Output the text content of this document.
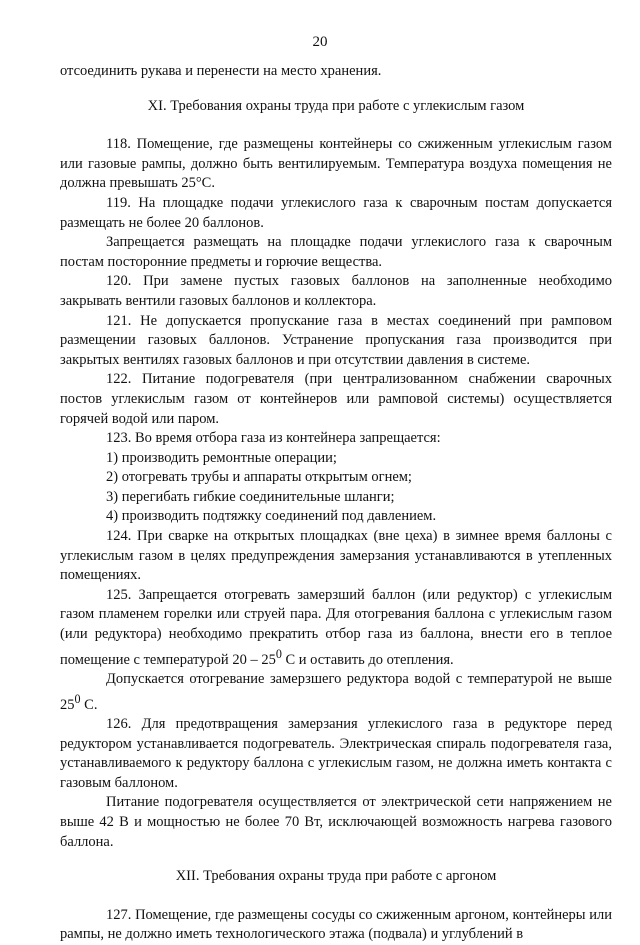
20

отсоединить рукава и перенести на место хранения.

XI. Требования охраны труда при работе с углекислым газом

118. Помещение, где размещены контейнеры со сжиженным углекислым газом или газовые рампы, должно быть вентилируемым. Температура воздуха помещения не должна превышать 25°С.

119. На площадке подачи углекислого газа к сварочным постам допускается размещать не более 20 баллонов.

Запрещается размещать на площадке подачи углекислого газа к сварочным постам посторонние предметы и горючие вещества.

120. При замене пустых газовых баллонов на заполненные необходимо закрывать вентили газовых баллонов и коллектора.

121. Не допускается пропускание газа в местах соединений при рамповом размещении газовых баллонов. Устранение пропускания газа производится при закрытых вентилях газовых баллонов и при отсутствии давления в системе.

122. Питание подогревателя (при централизованном снабжении сварочных постов углекислым газом от контейнеров или рамповой системы) осуществляется горячей водой или паром.

123. Во время отбора газа из контейнера запрещается:

1) производить ремонтные операции;

2) отогревать трубы и аппараты открытым огнем;

3) перегибать гибкие соединительные шланги;

4) производить подтяжку соединений под давлением.

124. При сварке на открытых площадках (вне цеха) в зимнее время баллоны с углекислым газом в целях предупреждения замерзания устанавливаются в утепленных помещениях.

125. Запрещается отогревать замерзший баллон (или редуктор) с углекислым газом пламенем горелки или струей пара. Для отогревания баллона с углекислым газом (или редуктора) необходимо прекратить отбор газа из баллона, внести его в теплое помещение с температурой $20 - 25^0$ С и оставить до отепления.

Допускается отогревание замерзшего редуктора водой с температурой не выше $25^0$ С.

126. Для предотвращения замерзания углекислого газа в редукторе перед редуктором устанавливается подогреватель. Электрическая спираль подогревателя газа, устанавливаемого к редуктору баллона с углекислым газом, не должна иметь контакта с газовым баллоном.

Питание подогревателя осуществляется от электрической сети напряжением не выше 42 В и мощностью не более 70 Вт, исключающей возможность нагрева газового баллона.

XII. Требования охраны труда при работе с аргоном

127. Помещение, где размещены сосуды со сжиженным аргоном, контейнеры или рампы, не должно иметь технологического этажа (подвала) и углублений в
